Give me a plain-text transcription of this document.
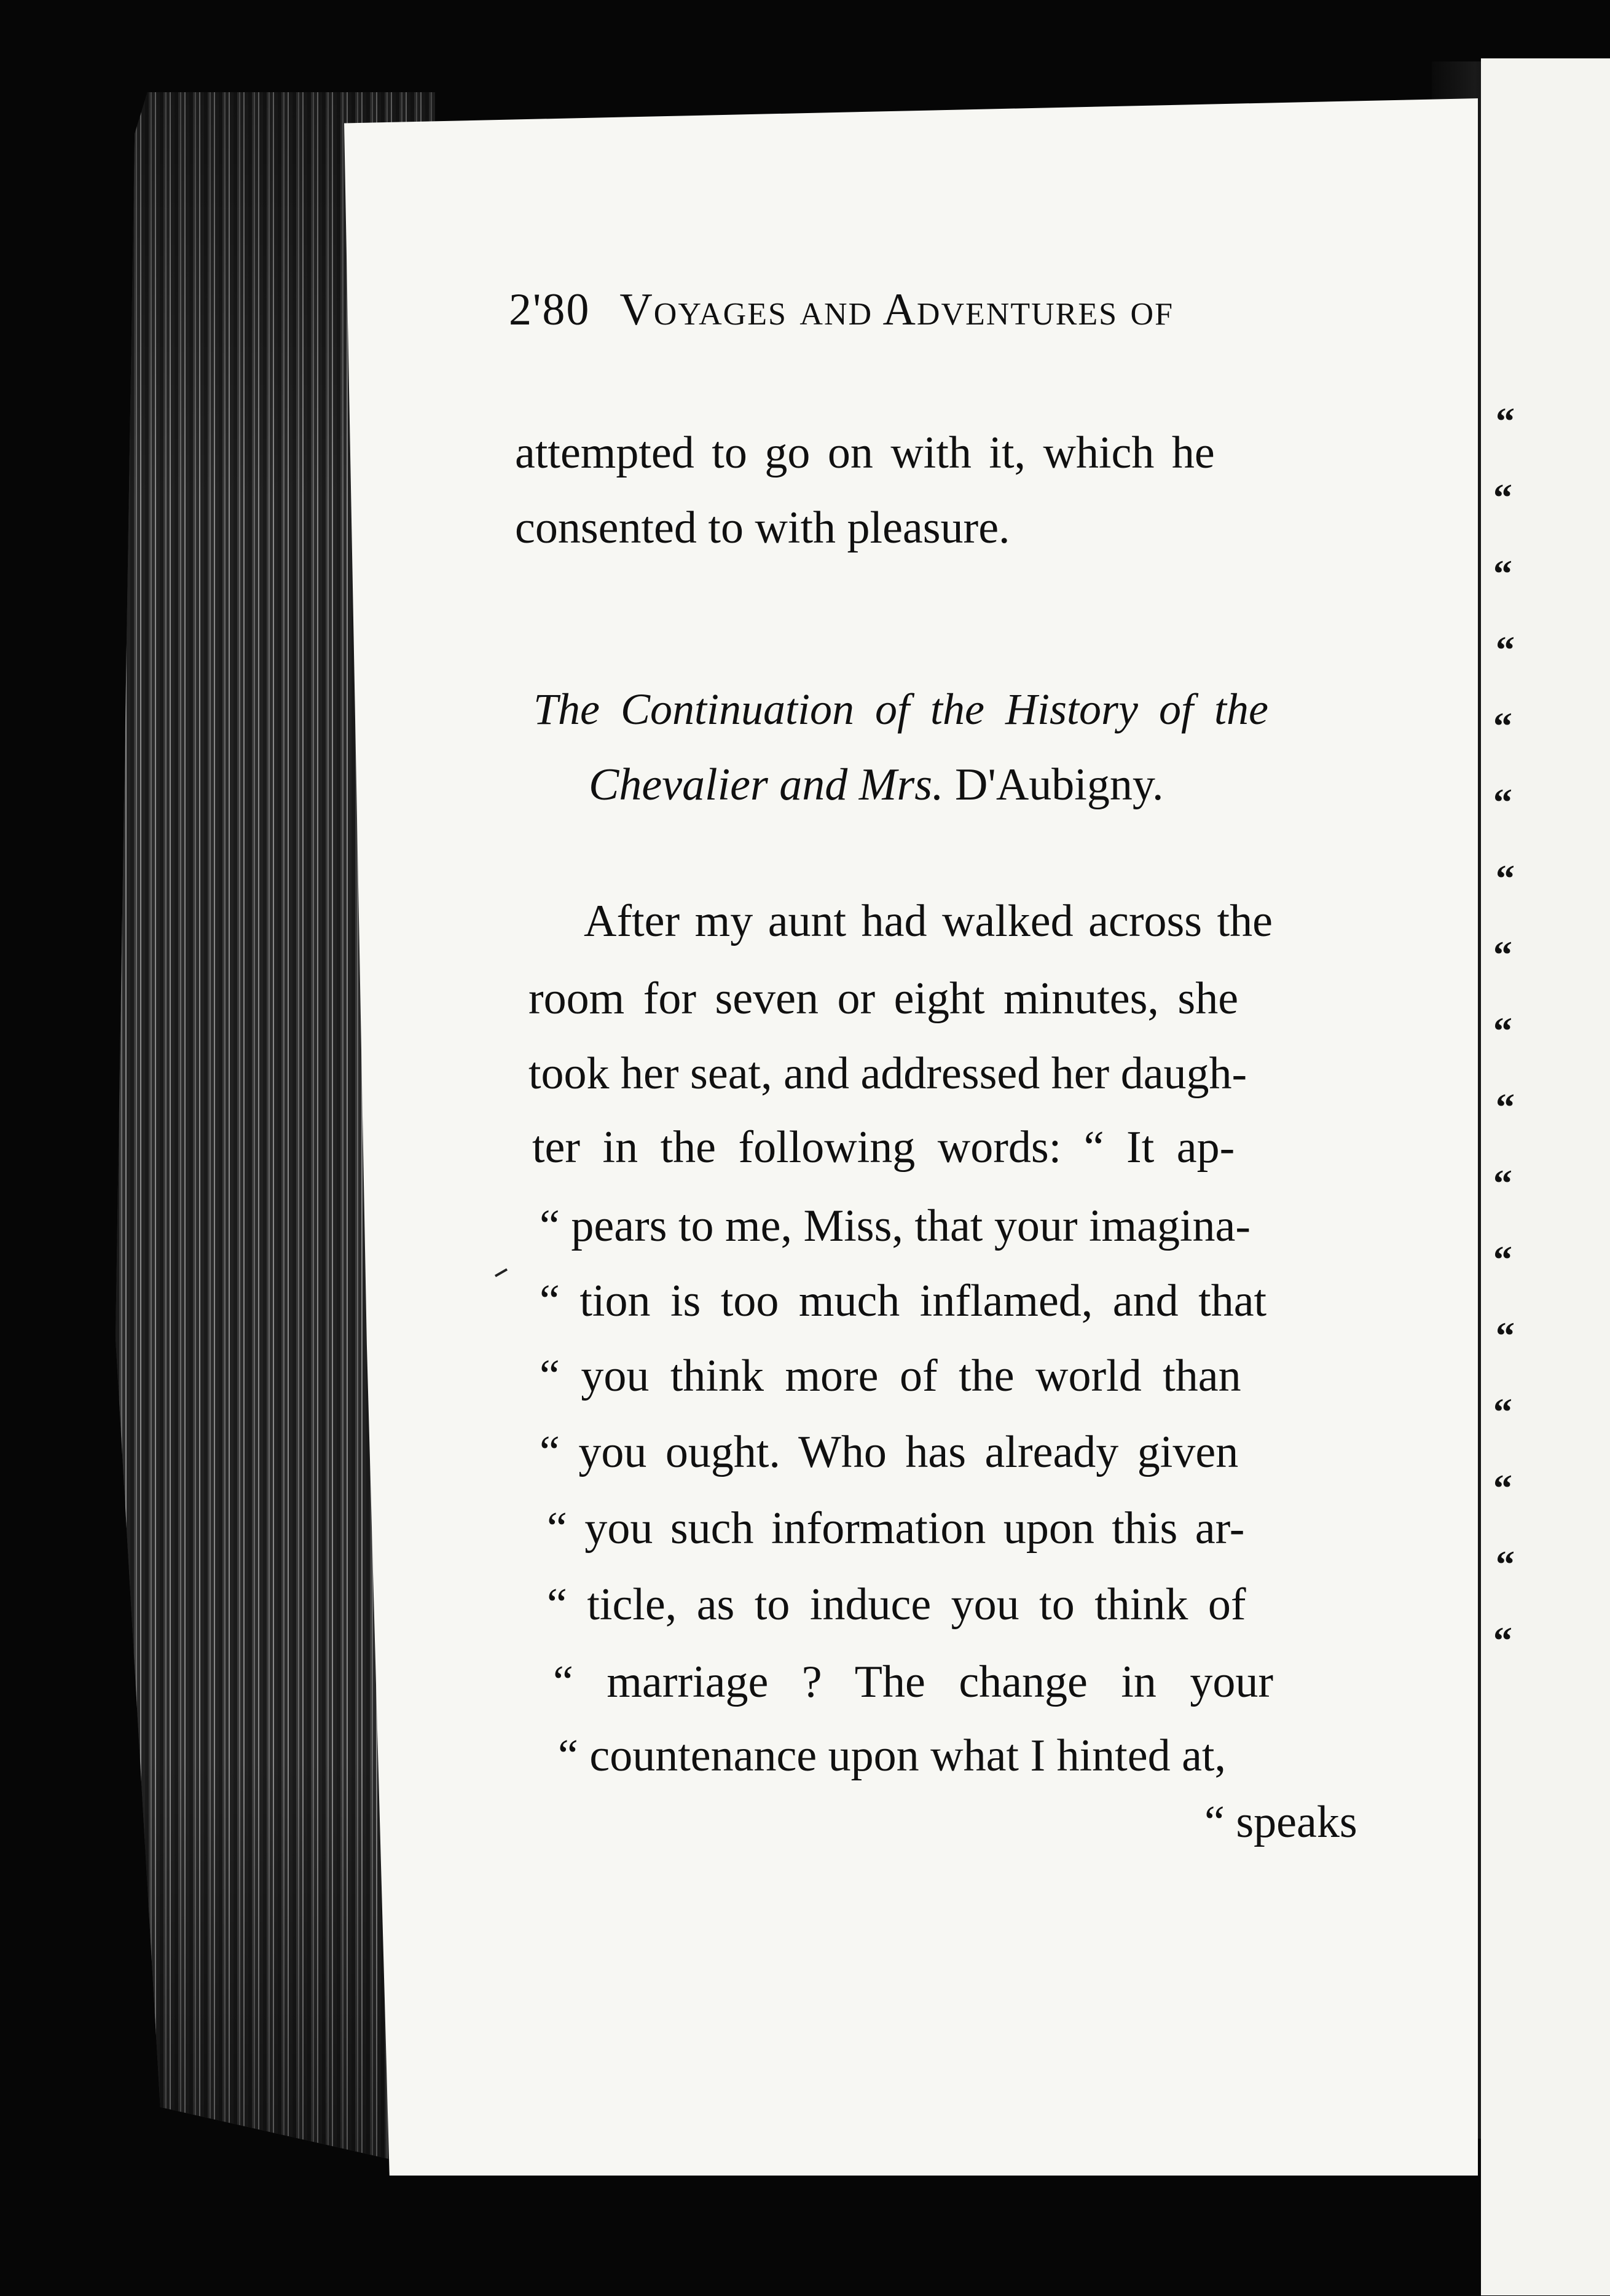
“
“
“
“
“
“
“
“
“
“
“
“
“
“
“
“
“
2'80 Voyages and Adventures of
attempted to go on with it, which he
consented to with pleasure.
The Continuation of the History of the
Chevalier and Mrs. D'Aubigny.
After my aunt had walked across the
room for seven or eight minutes, she
took her seat, and addressed her daugh-
ter in the following words: “ It ap-
“ pears to me, Miss, that your imagina-
“ tion is too much inflamed, and that
“ you think more of the world than
“ you ought. Who has already given
“ you such information upon this ar-
“ ticle, as to induce you to think of
“ marriage ? The change in your
“ countenance upon what I hinted at,
“ speaks
